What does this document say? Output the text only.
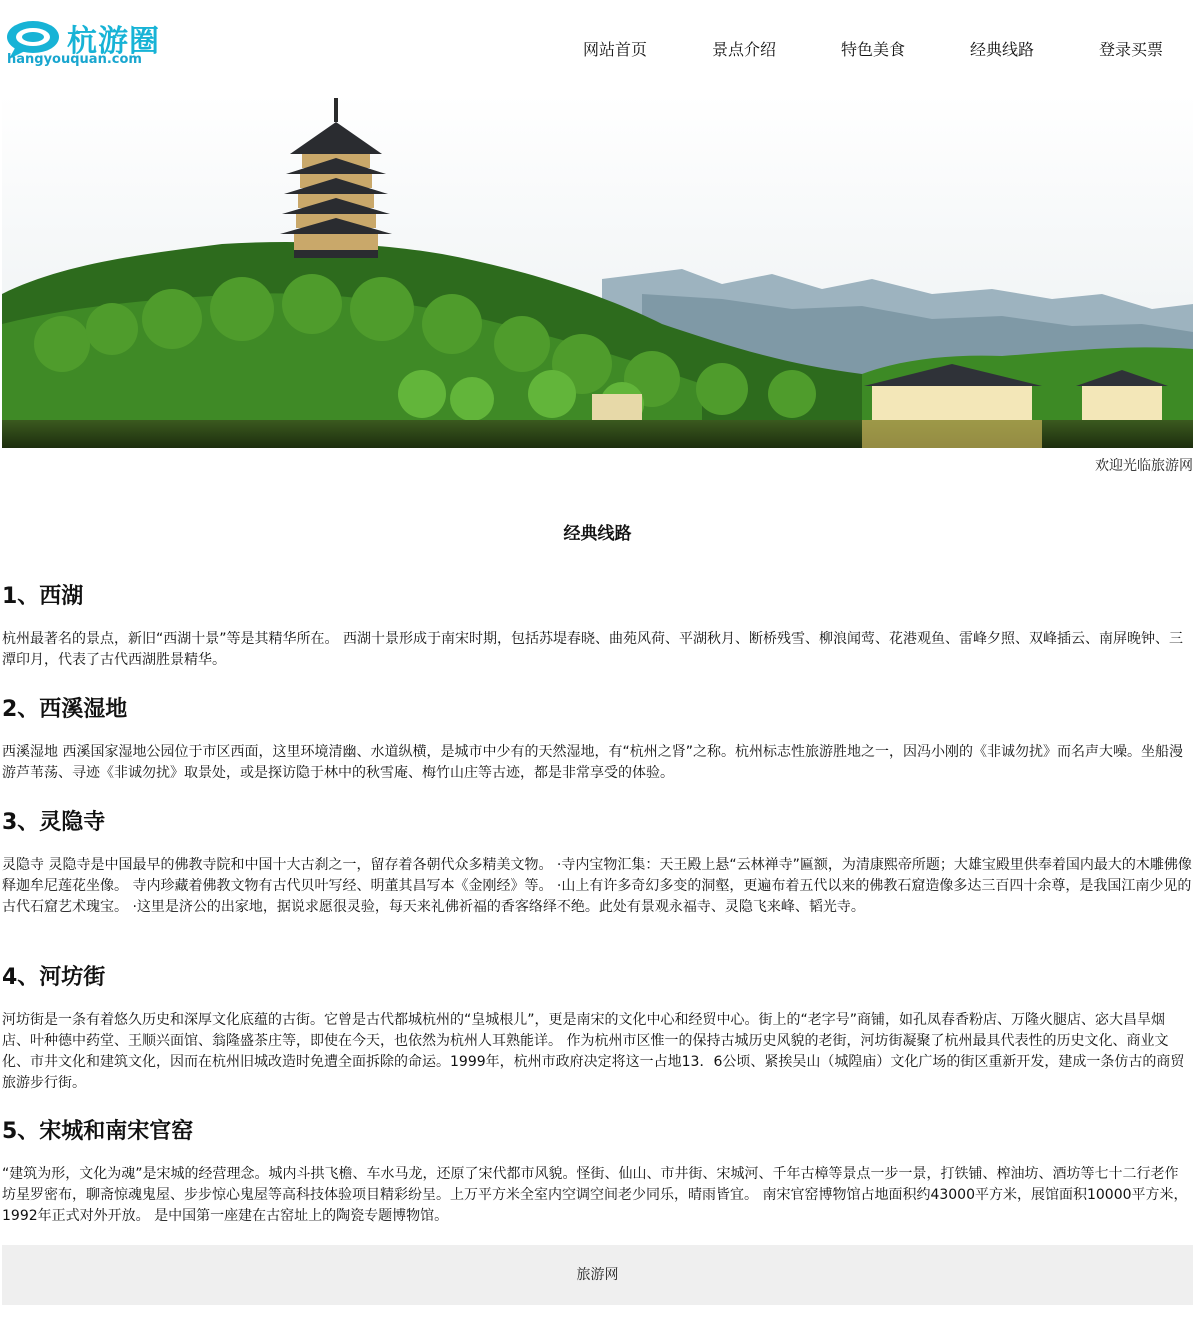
杭游圈
hangyouquan.com
网站首页	景点介绍	特色美食	经典线路	登录买票
欢迎光临旅游网
经典线路
1、西湖

杭州最著名的景点，新旧“西湖十景”等是其精华所在。 西湖十景形成于南宋时期，包括苏堤春晓、曲苑风荷、平湖秋月、断桥残雪、柳浪闻莺、花港观鱼、雷峰夕照、双峰插云、南屏晚钟、三潭印月，代表了古代西湖胜景精华。

2、西溪湿地

西溪湿地 西溪国家湿地公园位于市区西面，这里环境清幽、水道纵横，是城市中少有的天然湿地，有“杭州之肾”之称。杭州标志性旅游胜地之一，因冯小刚的《非诚勿扰》而名声大噪。坐船漫游芦苇荡、寻迹《非诚勿扰》取景处，或是探访隐于林中的秋雪庵、梅竹山庄等古迹，都是非常享受的体验。

3、灵隐寺

灵隐寺 灵隐寺是中国最早的佛教寺院和中国十大古刹之一，留存着各朝代众多精美文物。 ·寺内宝物汇集：天王殿上悬“云林禅寺”匾额，为清康熙帝所题；大雄宝殿里供奉着国内最大的木雕佛像释迦牟尼莲花坐像。 寺内珍藏着佛教文物有古代贝叶写经、明董其昌写本《金刚经》等。 ·山上有许多奇幻多变的洞壑，更遍布着五代以来的佛教石窟造像多达三百四十余尊，是我国江南少见的古代石窟艺术瑰宝。 ·这里是济公的出家地，据说求愿很灵验，每天来礼佛祈福的香客络绎不绝。此处有景观永福寺、灵隐飞来峰、韬光寺。

4、河坊街

河坊街是一条有着悠久历史和深厚文化底蕴的古街。它曾是古代都城杭州的“皇城根儿”，更是南宋的文化中心和经贸中心。街上的“老字号”商铺，如孔凤春香粉店、万隆火腿店、宓大昌旱烟店、叶种德中药堂、王顺兴面馆、翁隆盛茶庄等，即使在今天，也依然为杭州人耳熟能详。 作为杭州市区惟一的保持古城历史风貌的老街，河坊街凝聚了杭州最具代表性的历史文化、商业文化、市井文化和建筑文化，因而在杭州旧城改造时免遭全面拆除的命运。1999年，杭州市政府决定将这一占地13．6公顷、紧挨吴山（城隍庙）文化广场的街区重新开发，建成一条仿古的商贸旅游步行街。

5、宋城和南宋官窑

“建筑为形，文化为魂”是宋城的经营理念。城内斗拱飞檐、车水马龙，还原了宋代都市风貌。怪街、仙山、市井街、宋城河、千年古樟等景点一步一景，打铁铺、榨油坊、酒坊等七十二行老作坊星罗密布，聊斋惊魂鬼屋、步步惊心鬼屋等高科技体验项目精彩纷呈。上万平方米全室内空调空间老少同乐，晴雨皆宜。 南宋官窑博物馆占地面积约43000平方米，展馆面积10000平方米，1992年正式对外开放。 是中国第一座建在古窑址上的陶瓷专题博物馆。

旅游网
